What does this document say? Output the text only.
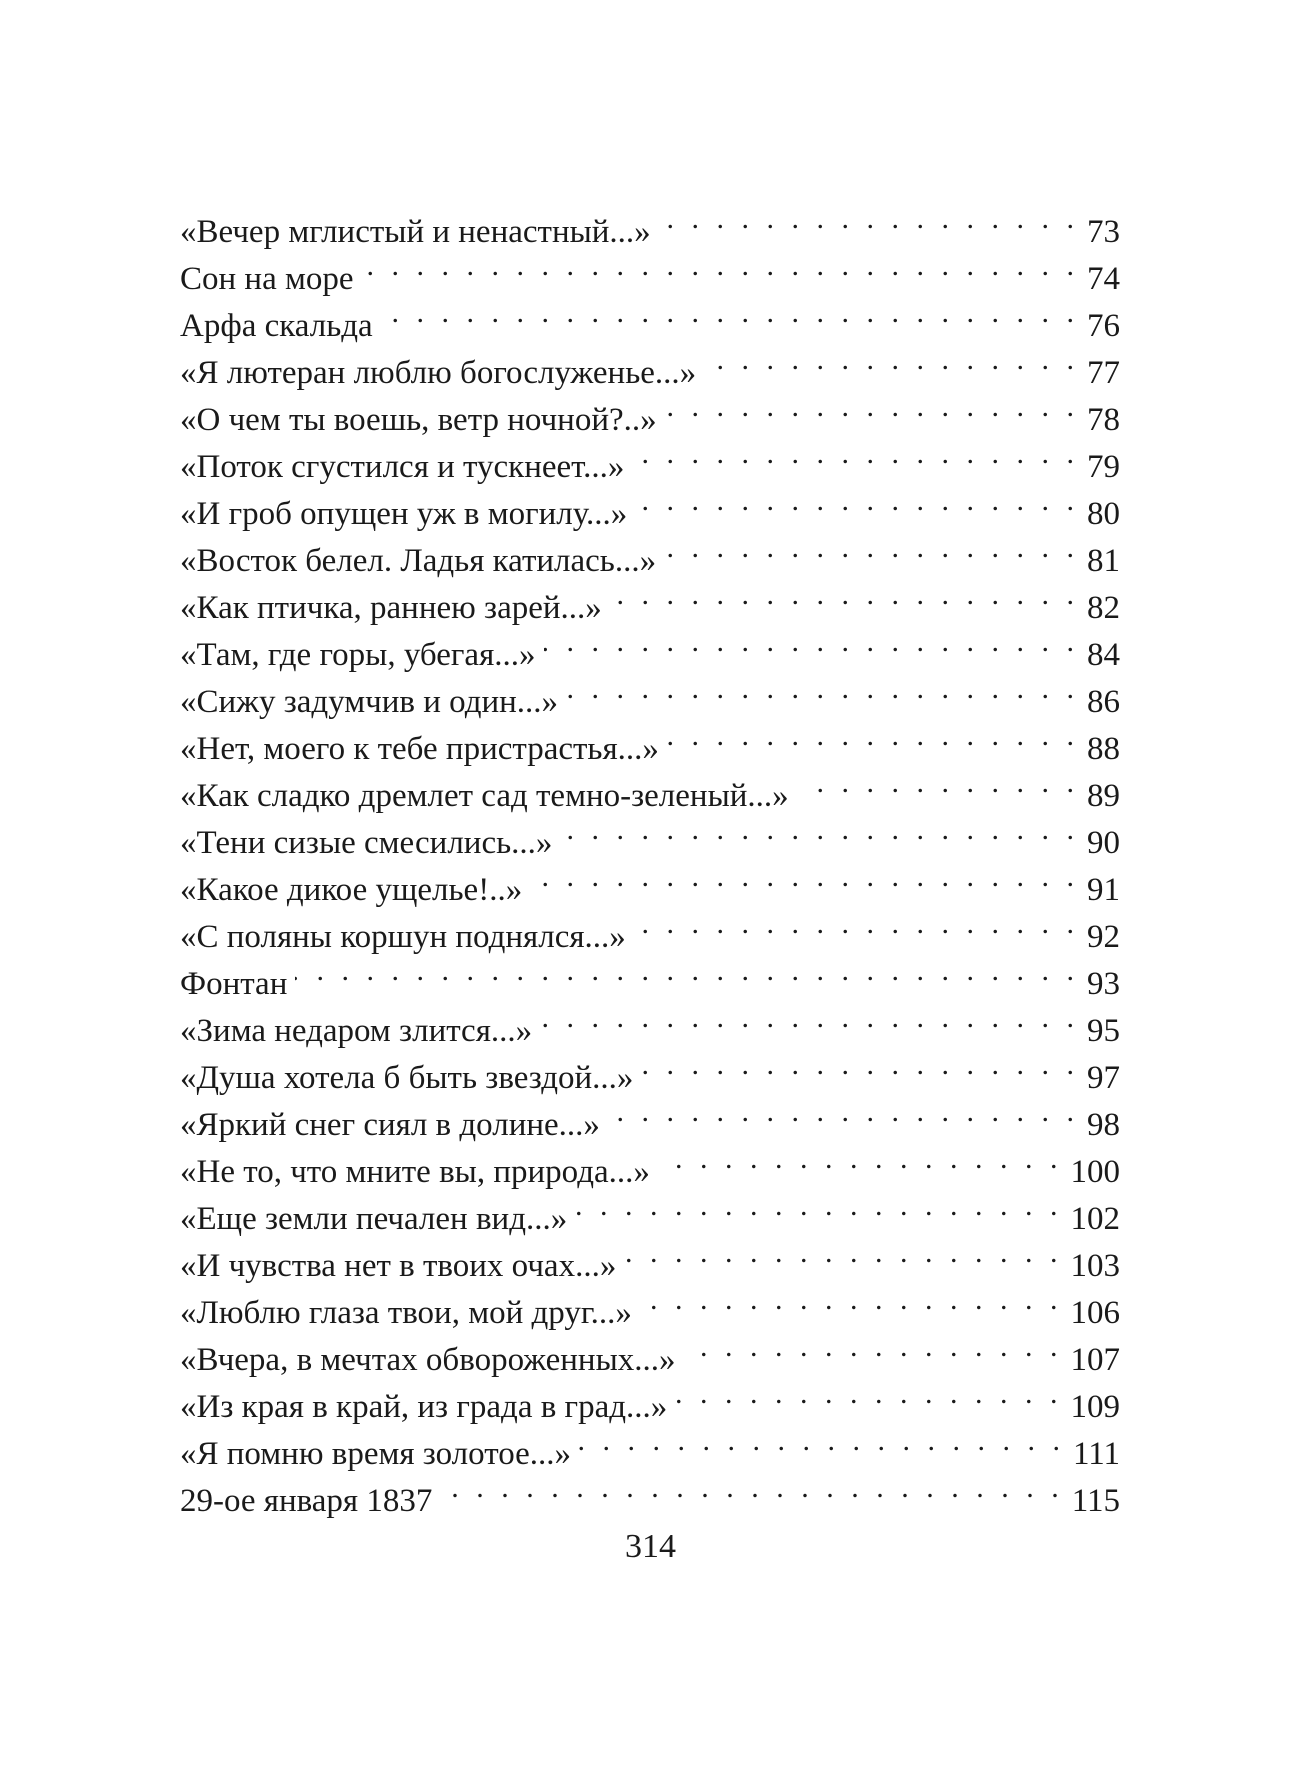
«Вечер мглистый и ненастный...» . . .	73
Сон на море . . .	74
Арфа скальда . . .	76
«Я лютеран люблю богослуженье...» . . .	77
«О чем ты воешь, ветр ночной?..» . . .	78
«Поток сгустился и тускнеет...» . . .	79
«И гроб опущен уж в могилу...» . . .	80
«Восток белел. Ладья катилась...» . . .	81
«Как птичка, раннею зарей...» . . .	82
«Там, где горы, убегая...» . . .	84
«Сижу задумчив и один...» . . .	86
«Нет, моего к тебе пристрастья...» . . .	88
«Как сладко дремлет сад темно-зеленый...» . . .	89
«Тени сизые смесились...» . . .	90
«Какое дикое ущелье!..» . . .	91
«С поляны коршун поднялся...» . . .	92
Фонтан . . .	93
«Зима недаром злится...» . . .	95
«Душа хотела б быть звездой...» . . .	97
«Яркий снег сиял в долине...» . . .	98
«Не то, что мните вы, природа...» . . .	100
«Еще земли печален вид...» . . .	102
«И чувства нет в твоих очах...» . . .	103
«Люблю глаза твои, мой друг...» . . .	106
«Вчера, в мечтах обвороженных...» . . .	107
«Из края в край, из града в град...» . . .	109
«Я помню время золотое...» . . .	111
29-ое января 1837 . . .	115
314
